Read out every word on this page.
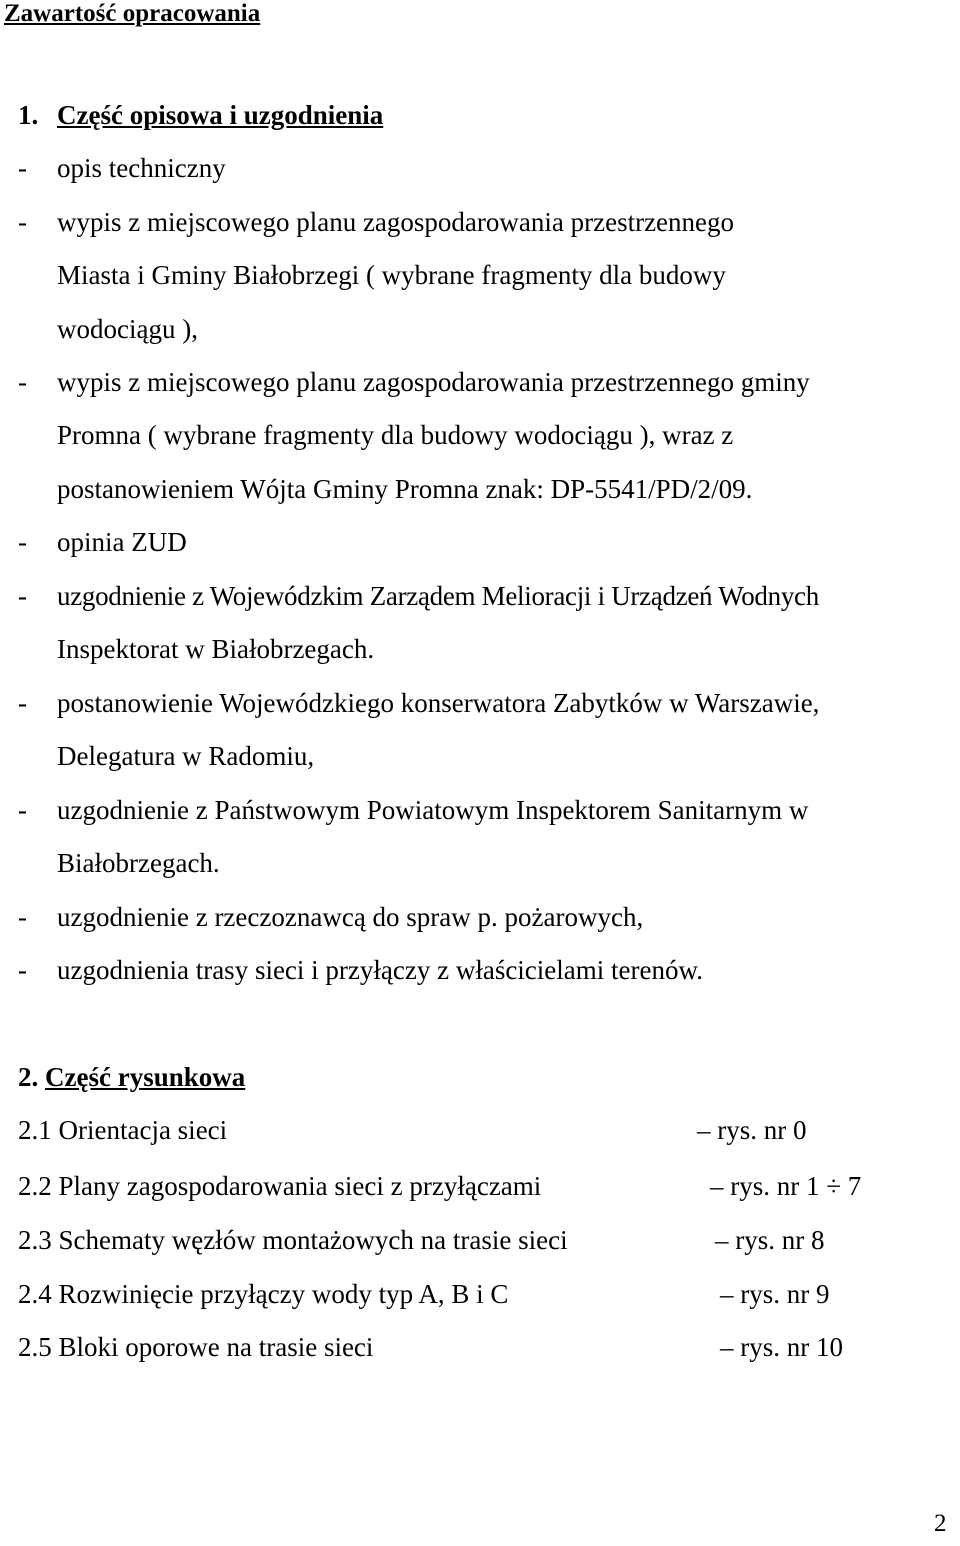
Zawartość opracowania
1. Część opisowa i uzgodnienia
- opis techniczny
- wypis z miejscowego planu zagospodarowania przestrzennego
Miasta i Gminy Białobrzegi ( wybrane fragmenty dla budowy
wodociągu ),
- wypis z miejscowego planu zagospodarowania przestrzennego gminy
Promna ( wybrane fragmenty dla budowy wodociągu ), wraz z
postanowieniem Wójta Gminy Promna znak: DP-5541/PD/2/09.
- opinia ZUD
- uzgodnienie z Wojewódzkim Zarządem Melioracji i Urządzeń Wodnych
Inspektorat w Białobrzegach.
- postanowienie Wojewódzkiego konserwatora Zabytków w Warszawie,
Delegatura w Radomiu,
- uzgodnienie z Państwowym Powiatowym Inspektorem Sanitarnym w
Białobrzegach.
- uzgodnienie z rzeczoznawcą do spraw p. pożarowych,
- uzgodnienia trasy sieci i przyłączy z właścicielami terenów.
2. Część rysunkowa
2.1 Orientacja sieci	– rys. nr 0
2.2 Plany zagospodarowania sieci z przyłączami	– rys. nr 1 ÷ 7
2.3 Schematy węzłów montażowych na trasie sieci	– rys. nr 8
2.4 Rozwinięcie przyłączy wody typ A, B i C	– rys. nr 9
2.5 Bloki oporowe na trasie sieci	– rys. nr 10
2
